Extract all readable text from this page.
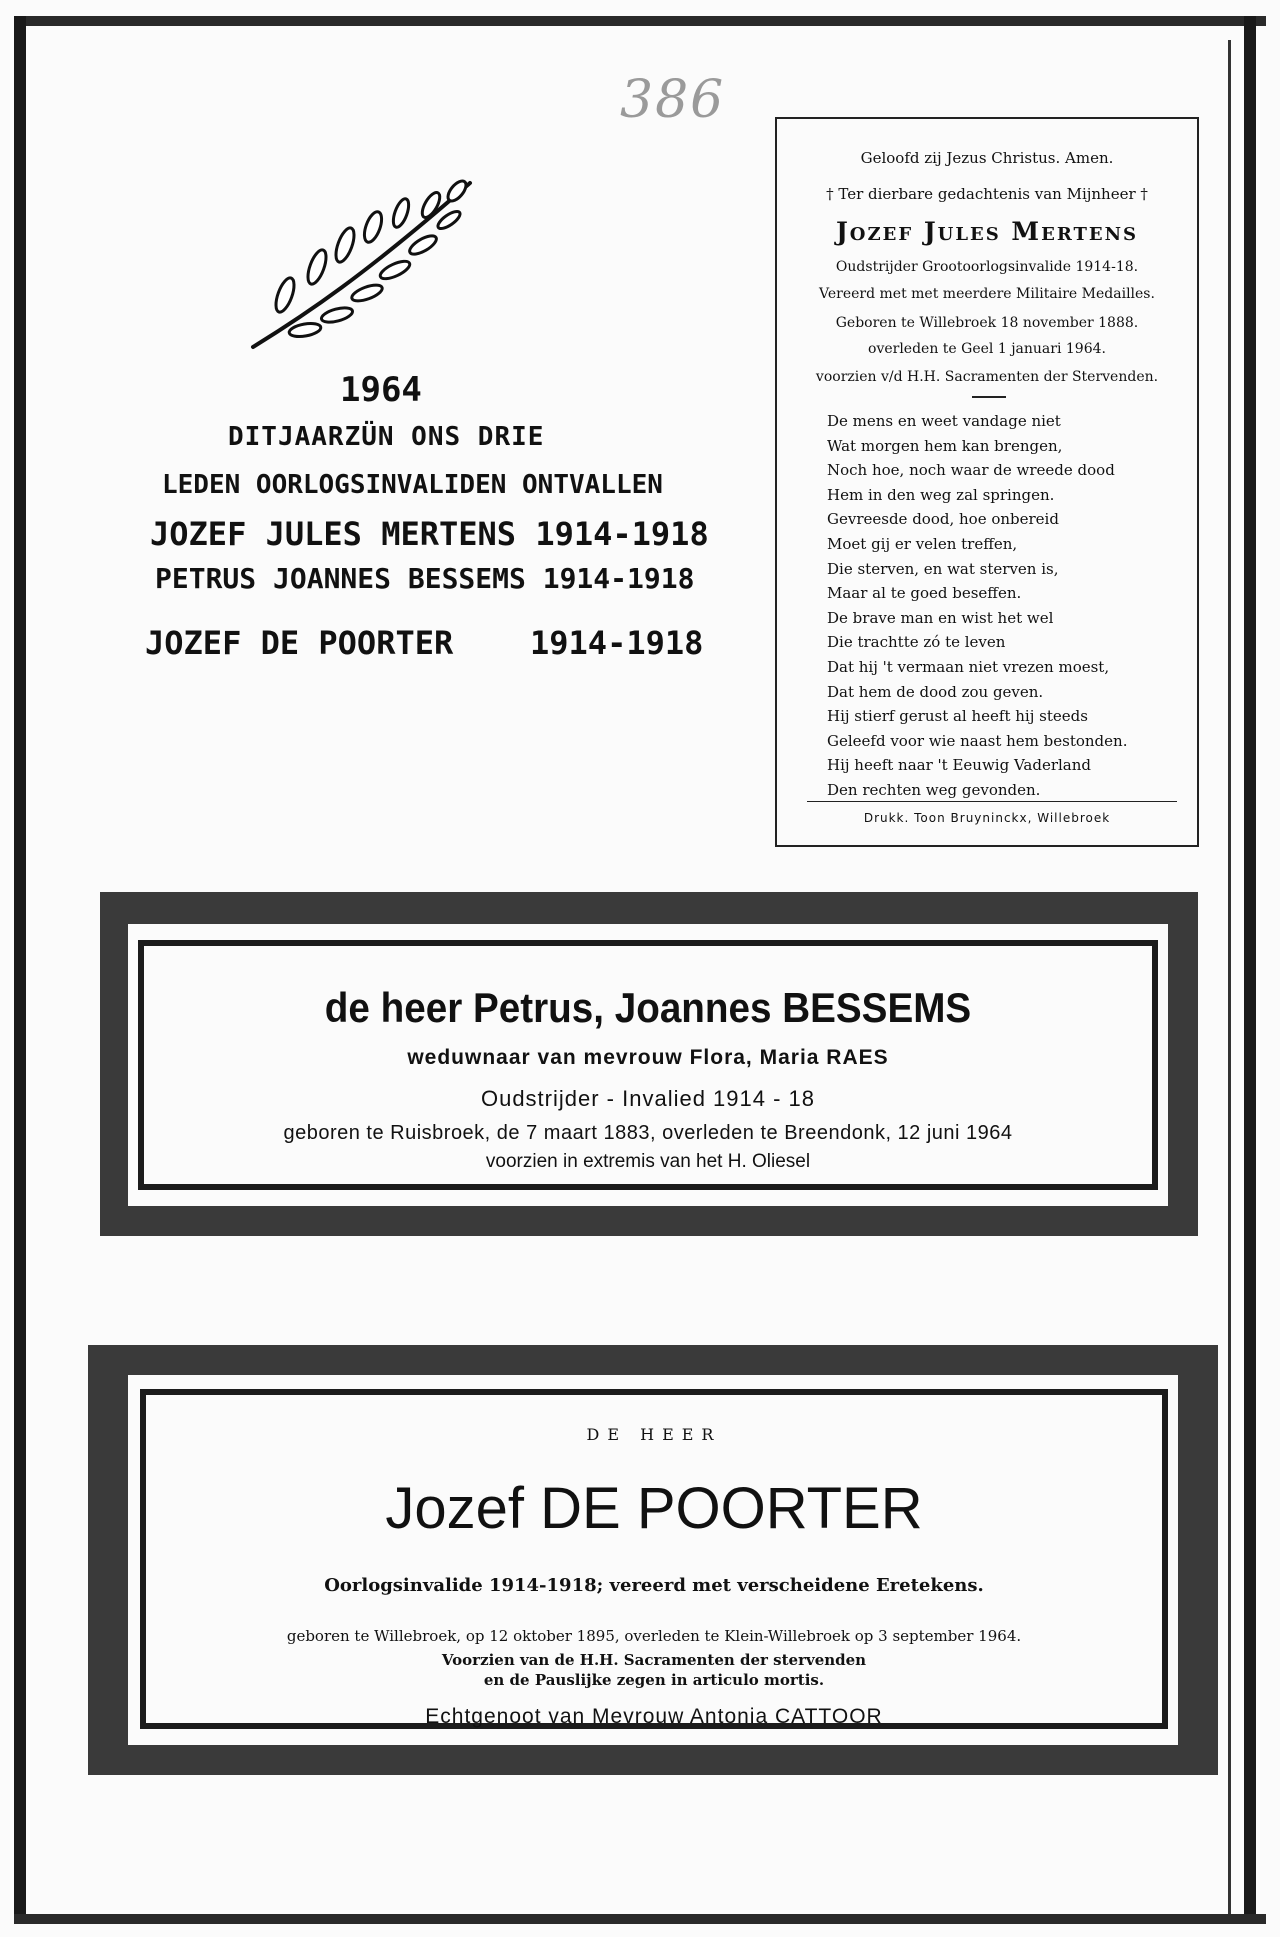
386
1964
DITJAARZÜN ONS DRIE
LEDEN OORLOGSINVALIDEN ONTVALLEN
JOZEF JULES MERTENS 1914-1918
PETRUS JOANNES BESSEMS 1914-1918
JOZEF DE POORTER 1914-1918
Geloofd zij Jezus Christus. Amen.
† Ter dierbare gedachtenis van Mijnheer †
Jozef Jules Mertens
Oudstrijder Grootoorlogsinvalide 1914-18.
Vereerd met met meerdere Militaire Medailles.
Geboren te Willebroek 18 november 1888.
overleden te Geel 1 januari 1964.
voorzien v/d H.H. Sacramenten der Stervenden.
De mens en weet vandage niet
Wat morgen hem kan brengen,
Noch hoe, noch waar de wreede dood
Hem in den weg zal springen.
Gevreesde dood, hoe onbereid
Moet gij er velen treffen,
Die sterven, en wat sterven is,
Maar al te goed beseffen.
De brave man en wist het wel
Die trachtte zó te leven
Dat hij 't vermaan niet vrezen moest,
Dat hem de dood zou geven.
Hij stierf gerust al heeft hij steeds
Geleefd voor wie naast hem bestonden.
Hij heeft naar 't Eeuwig Vaderland
Den rechten weg gevonden.
Drukk. Toon Bruyninckx, Willebroek
de heer Petrus, Joannes BESSEMS
weduwnaar van mevrouw Flora, Maria RAES
Oudstrijder - Invalied 1914 - 18
geboren te Ruisbroek, de 7 maart 1883, overleden te Breendonk, 12 juni 1964
voorzien in extremis van het H. Oliesel
DE HEER
Jozef DE POORTER
Oorlogsinvalide 1914-1918; vereerd met verscheidene Eretekens.
geboren te Willebroek, op 12 oktober 1895, overleden te Klein-Willebroek op 3 september 1964.
Voorzien van de H.H. Sacramenten der stervenden
en de Pauslijke zegen in articulo mortis.
Echtgenoot van Mevrouw Antonia CATTOOR
